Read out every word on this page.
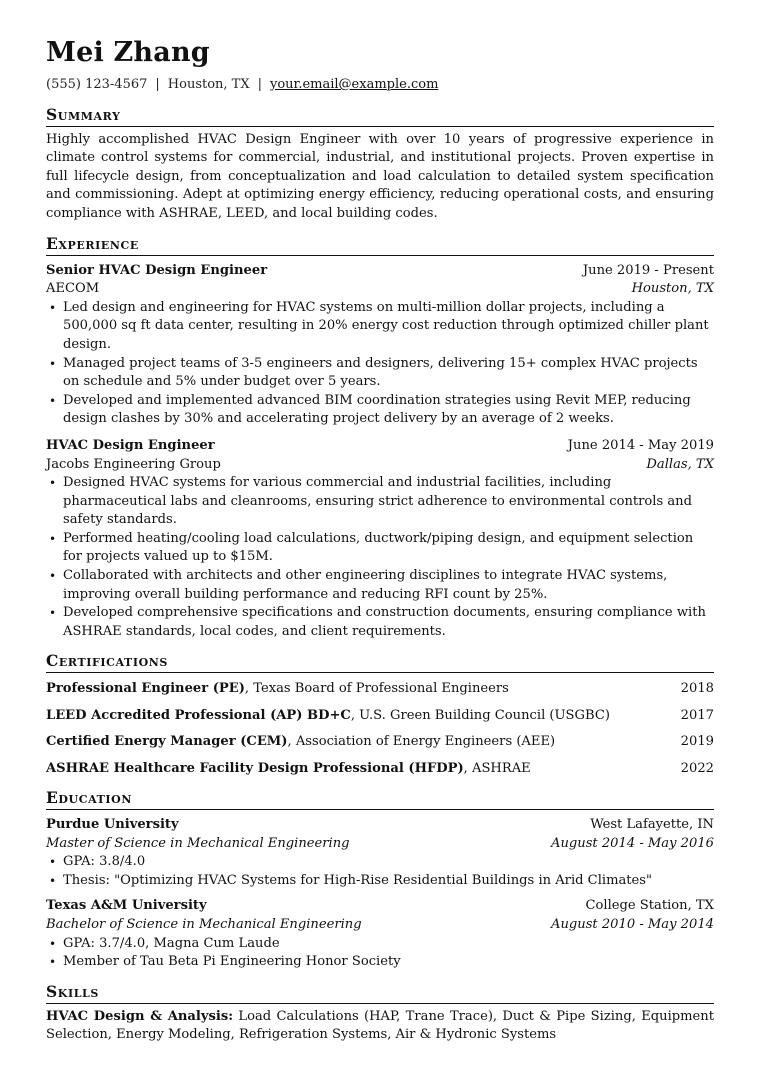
Mei Zhang
(555) 123-4567 | Houston, TX | your.email@example.com
Summary
Highly accomplished HVAC Design Engineer with over 10 years of progressive experience in climate control systems for commercial, industrial, and institutional projects. Proven expertise in full lifecycle design, from conceptualization and load calculation to detailed system specification and commissioning. Adept at optimizing energy efficiency, reducing operational costs, and ensuring compliance with ASHRAE, LEED, and local building codes.
Experience
Senior HVAC Design Engineer	June 2019 - Present
AECOM	Houston, TX
• Led design and engineering for HVAC systems on multi-million dollar projects, including a 500,000 sq ft data center, resulting in 20% energy cost reduction through optimized chiller plant design.
• Managed project teams of 3-5 engineers and designers, delivering 15+ complex HVAC projects on schedule and 5% under budget over 5 years.
• Developed and implemented advanced BIM coordination strategies using Revit MEP, reducing design clashes by 30% and accelerating project delivery by an average of 2 weeks.
HVAC Design Engineer	June 2014 - May 2019
Jacobs Engineering Group	Dallas, TX
• Designed HVAC systems for various commercial and industrial facilities, including pharmaceutical labs and cleanrooms, ensuring strict adherence to environmental controls and safety standards.
• Performed heating/cooling load calculations, ductwork/piping design, and equipment selection for projects valued up to $15M.
• Collaborated with architects and other engineering disciplines to integrate HVAC systems, improving overall building performance and reducing RFI count by 25%.
• Developed comprehensive specifications and construction documents, ensuring compliance with ASHRAE standards, local codes, and client requirements.
Certifications
Professional Engineer (PE), Texas Board of Professional Engineers	2018
LEED Accredited Professional (AP) BD+C, U.S. Green Building Council (USGBC)	2017
Certified Energy Manager (CEM), Association of Energy Engineers (AEE)	2019
ASHRAE Healthcare Facility Design Professional (HFDP), ASHRAE	2022
Education
Purdue University	West Lafayette, IN
Master of Science in Mechanical Engineering	August 2014 - May 2016
• GPA: 3.8/4.0
• Thesis: "Optimizing HVAC Systems for High-Rise Residential Buildings in Arid Climates"
Texas A&M University	College Station, TX
Bachelor of Science in Mechanical Engineering	August 2010 - May 2014
• GPA: 3.7/4.0, Magna Cum Laude
• Member of Tau Beta Pi Engineering Honor Society
Skills
HVAC Design & Analysis: Load Calculations (HAP, Trane Trace), Duct & Pipe Sizing, Equipment Selection, Energy Modeling, Refrigeration Systems, Air & Hydronic Systems
